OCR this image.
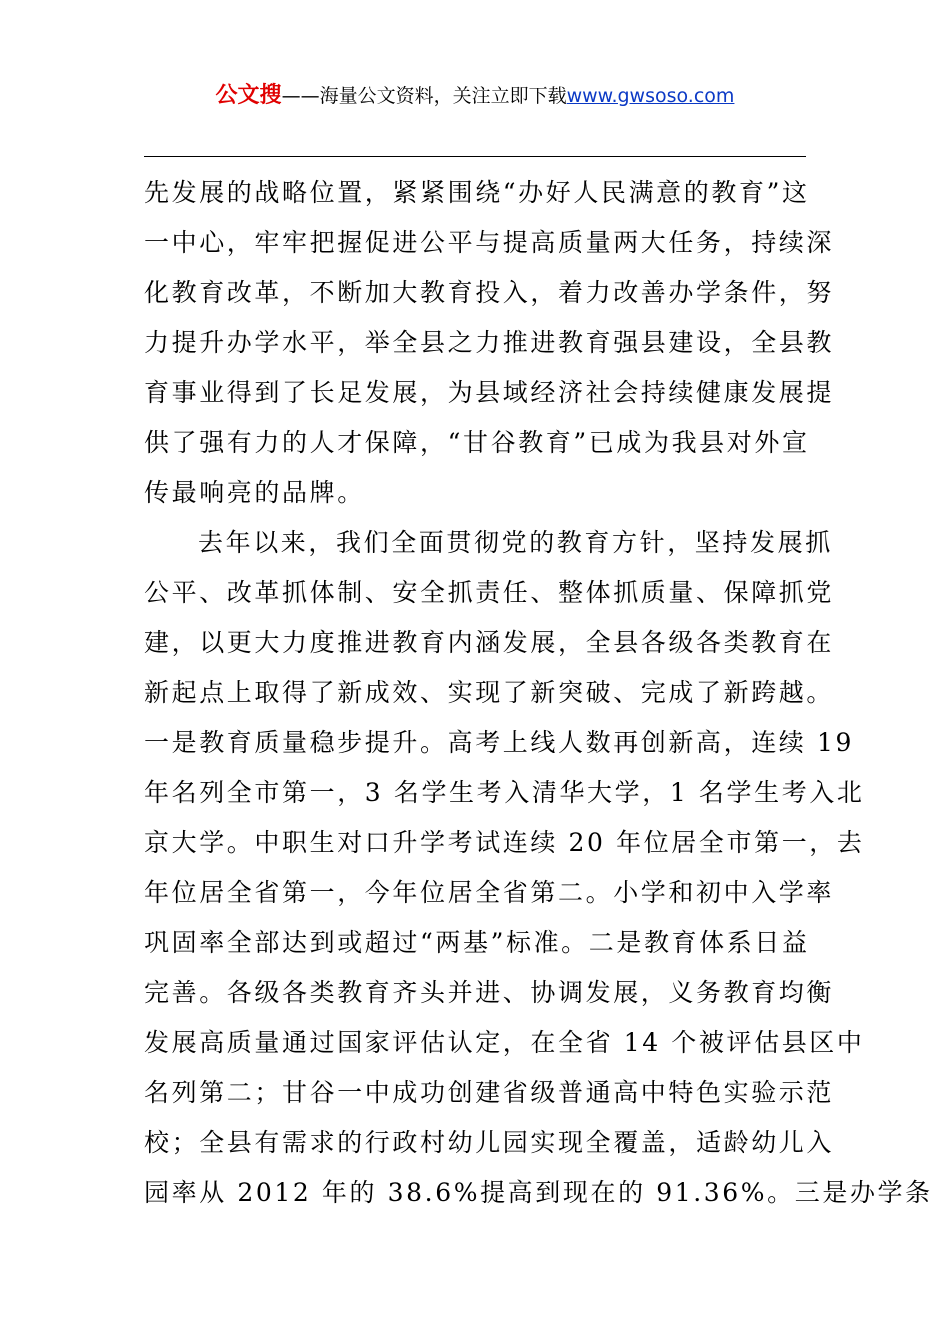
公文搜——海量公文资料，关注立即下载www.gwsoso.com
先发展的战略位置，紧紧围绕“办好人民满意的教育”这
一中心，牢牢把握促进公平与提高质量两大任务，持续深
化教育改革，不断加大教育投入，着力改善办学条件，努
力提升办学水平，举全县之力推进教育强县建设，全县教
育事业得到了长足发展，为县域经济社会持续健康发展提
供了强有力的人才保障，“甘谷教育”已成为我县对外宣
传最响亮的品牌。
去年以来，我们全面贯彻党的教育方针，坚持发展抓
公平、改革抓体制、安全抓责任、整体抓质量、保障抓党
建，以更大力度推进教育内涵发展，全县各级各类教育在
新起点上取得了新成效、实现了新突破、完成了新跨越。
一是教育质量稳步提升。高考上线人数再创新高，连续 19
年名列全市第一，3 名学生考入清华大学，1 名学生考入北
京大学。中职生对口升学考试连续 20 年位居全市第一，去
年位居全省第一，今年位居全省第二。小学和初中入学率
巩固率全部达到或超过“两基”标准。二是教育体系日益
完善。各级各类教育齐头并进、协调发展，义务教育均衡
发展高质量通过国家评估认定，在全省 14 个被评估县区中
名列第二；甘谷一中成功创建省级普通高中特色实验示范
校；全县有需求的行政村幼儿园实现全覆盖，适龄幼儿入
园率从 2012 年的 38.6%提高到现在的 91.36%。三是办学条
